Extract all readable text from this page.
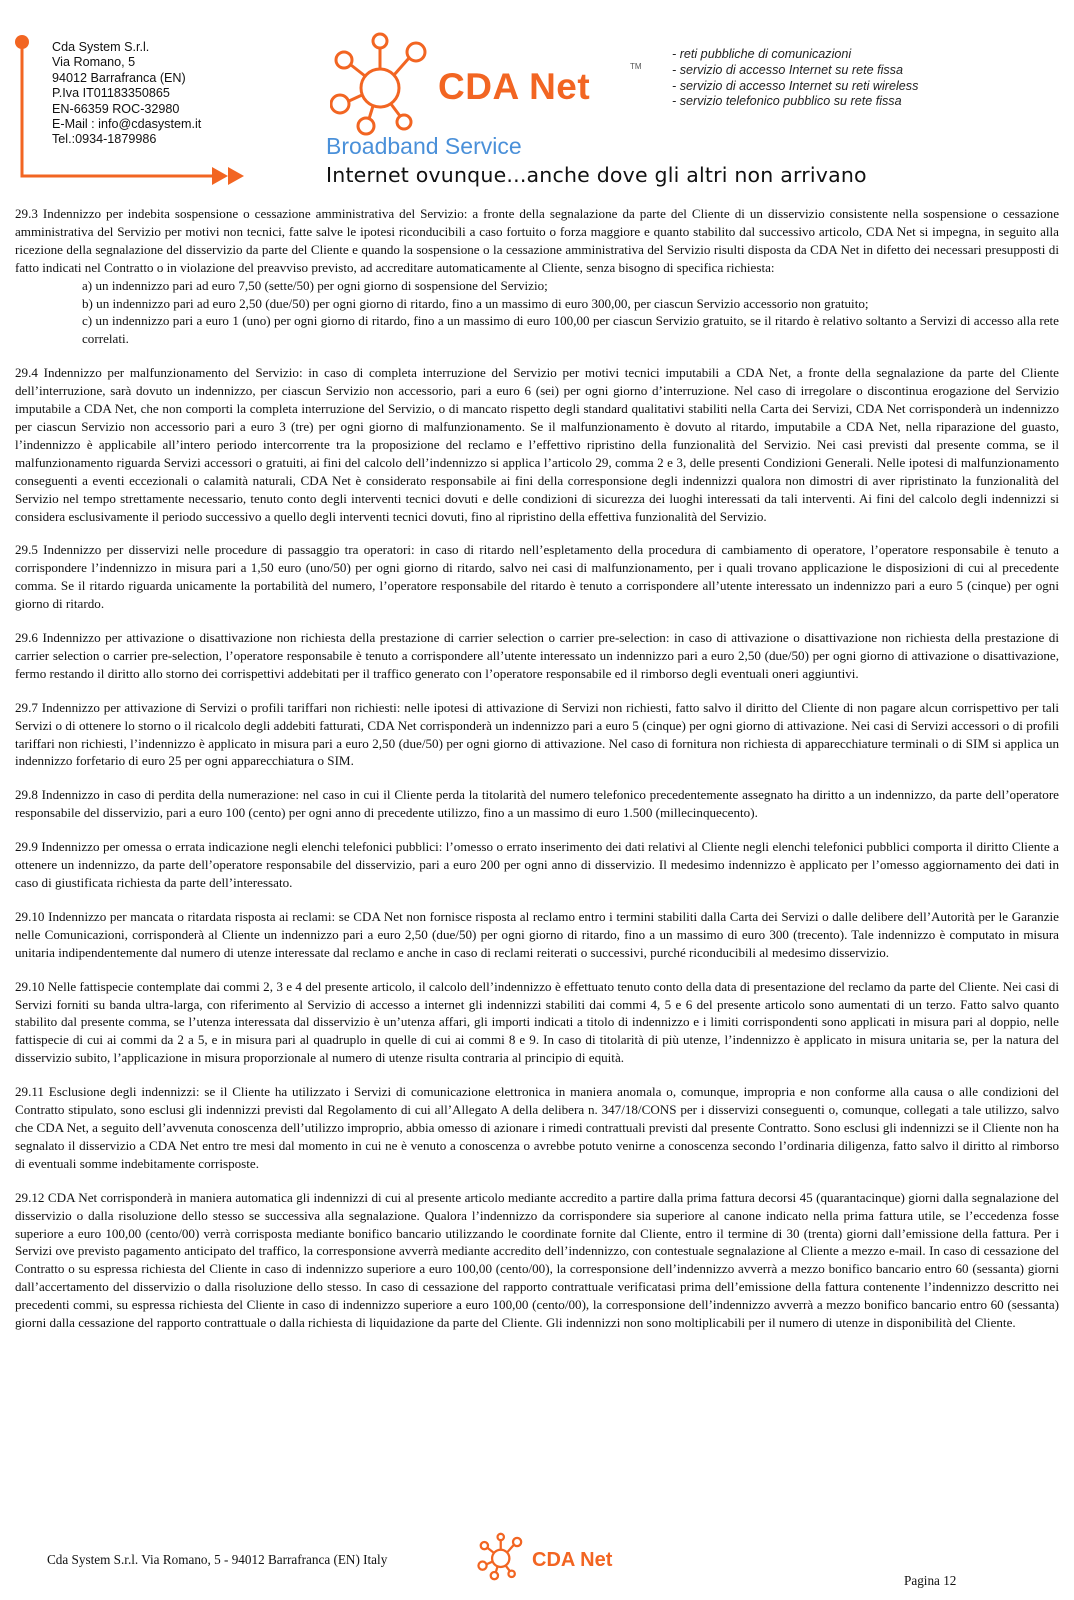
Cda System S.r.l.
Via Romano, 5
94012 Barrafranca (EN)
P.Iva IT01183350865
EN-66359 ROC-32980
E-Mail : info@cdasystem.it
Tel.:0934-1879986
CDA Net	TM
Broadband Service
Internet ovunque...anche dove gli altri non arrivano
- reti pubbliche di comunicazioni
- servizio di accesso Internet su rete fissa
- servizio di accesso Internet su reti wireless
- servizio telefonico pubblico su rete fissa

29.3 Indennizzo per indebita sospensione o cessazione amministrativa del Servizio: a fronte della segnalazione da parte del Cliente di un disservizio consistente nella sospensione o cessazione amministrativa del Servizio per motivi non tecnici, fatte salve le ipotesi riconducibili a caso fortuito o forza maggiore e quanto stabilito dal successivo articolo, CDA Net si impegna, in seguito alla ricezione della segnalazione del disservizio da parte del Cliente e quando la sospensione o la cessazione amministrativa del Servizio risulti disposta da CDA Net in difetto dei necessari presupposti di fatto indicati nel Contratto o in violazione del preavviso previsto, ad accreditare automaticamente al Cliente, senza bisogno di specifica richiesta:

a) un indennizzo pari ad euro 7,50 (sette/50) per ogni giorno di sospensione del Servizio;
b) un indennizzo pari ad euro 2,50 (due/50) per ogni giorno di ritardo, fino a un massimo di euro 300,00, per ciascun Servizio accessorio non gratuito;
c) un indennizzo pari a euro 1 (uno) per ogni giorno di ritardo, fino a un massimo di euro 100,00 per ciascun Servizio gratuito, se il ritardo è relativo soltanto a Servizi di accesso alla rete correlati.

29.4 Indennizzo per malfunzionamento del Servizio: in caso di completa interruzione del Servizio per motivi tecnici imputabili a CDA Net, a fronte della segnalazione da parte del Cliente dell’interruzione, sarà dovuto un indennizzo, per ciascun Servizio non accessorio, pari a euro 6 (sei) per ogni giorno d’interruzione. Nel caso di irregolare o discontinua erogazione del Servizio imputabile a CDA Net, che non comporti la completa interruzione del Servizio, o di mancato rispetto degli standard qualitativi stabiliti nella Carta dei Servizi, CDA Net corrisponderà un indennizzo per ciascun Servizio non accessorio pari a euro 3 (tre) per ogni giorno di malfunzionamento. Se il malfunzionamento è dovuto al ritardo, imputabile a CDA Net, nella riparazione del guasto, l’indennizzo è applicabile all’intero periodo intercorrente tra la proposizione del reclamo e l’effettivo ripristino della funzionalità del Servizio. Nei casi previsti dal presente comma, se il malfunzionamento riguarda Servizi accessori o gratuiti, ai fini del calcolo dell’indennizzo si applica l’articolo 29, comma 2 e 3, delle presenti Condizioni Generali. Nelle ipotesi di malfunzionamento conseguenti a eventi eccezionali o calamità naturali, CDA Net è considerato responsabile ai fini della corresponsione degli indennizzi qualora non dimostri di aver ripristinato la funzionalità del Servizio nel tempo strettamente necessario, tenuto conto degli interventi tecnici dovuti e delle condizioni di sicurezza dei luoghi interessati da tali interventi. Ai fini del calcolo degli indennizzi si considera esclusivamente il periodo successivo a quello degli interventi tecnici dovuti, fino al ripristino della effettiva funzionalità del Servizio.

29.5 Indennizzo per disservizi nelle procedure di passaggio tra operatori: in caso di ritardo nell’espletamento della procedura di cambiamento di operatore, l’operatore responsabile è tenuto a corrispondere l’indennizzo in misura pari a 1,50 euro (uno/50) per ogni giorno di ritardo, salvo nei casi di malfunzionamento, per i quali trovano applicazione le disposizioni di cui al precedente comma. Se il ritardo riguarda unicamente la portabilità del numero, l’operatore responsabile del ritardo è tenuto a corrispondere all’utente interessato un indennizzo pari a euro 5 (cinque) per ogni giorno di ritardo.

29.6 Indennizzo per attivazione o disattivazione non richiesta della prestazione di carrier selection o carrier pre-selection: in caso di attivazione o disattivazione non richiesta della prestazione di carrier selection o carrier pre-selection, l’operatore responsabile è tenuto a corrispondere all’utente interessato un indennizzo pari a euro 2,50 (due/50) per ogni giorno di attivazione o disattivazione, fermo restando il diritto allo storno dei corrispettivi addebitati per il traffico generato con l’operatore responsabile ed il rimborso degli eventuali oneri aggiuntivi.

29.7 Indennizzo per attivazione di Servizi o profili tariffari non richiesti: nelle ipotesi di attivazione di Servizi non richiesti, fatto salvo il diritto del Cliente di non pagare alcun corrispettivo per tali Servizi o di ottenere lo storno o il ricalcolo degli addebiti fatturati, CDA Net corrisponderà un indennizzo pari a euro 5 (cinque) per ogni giorno di attivazione. Nei casi di Servizi accessori o di profili tariffari non richiesti, l’indennizzo è applicato in misura pari a euro 2,50 (due/50) per ogni giorno di attivazione. Nel caso di fornitura non richiesta di apparecchiature terminali o di SIM si applica un indennizzo forfetario di euro 25 per ogni apparecchiatura o SIM.

29.8 Indennizzo in caso di perdita della numerazione: nel caso in cui il Cliente perda la titolarità del numero telefonico precedentemente assegnato ha diritto a un indennizzo, da parte dell’operatore responsabile del disservizio, pari a euro 100 (cento) per ogni anno di precedente utilizzo, fino a un massimo di euro 1.500 (millecinquecento).

29.9 Indennizzo per omessa o errata indicazione negli elenchi telefonici pubblici: l’omesso o errato inserimento dei dati relativi al Cliente negli elenchi telefonici pubblici comporta il diritto Cliente a ottenere un indennizzo, da parte dell’operatore responsabile del disservizio, pari a euro 200 per ogni anno di disservizio. Il medesimo indennizzo è applicato per l’omesso aggiornamento dei dati in caso di giustificata richiesta da parte dell’interessato.

29.10 Indennizzo per mancata o ritardata risposta ai reclami: se CDA Net non fornisce risposta al reclamo entro i termini stabiliti dalla Carta dei Servizi o dalle delibere dell’Autorità per le Garanzie nelle Comunicazioni, corrisponderà al Cliente un indennizzo pari a euro 2,50 (due/50) per ogni giorno di ritardo, fino a un massimo di euro 300 (trecento). Tale indennizzo è computato in misura unitaria indipendentemente dal numero di utenze interessate dal reclamo e anche in caso di reclami reiterati o successivi, purché riconducibili al medesimo disservizio.

29.10 Nelle fattispecie contemplate dai commi 2, 3 e 4 del presente articolo, il calcolo dell’indennizzo è effettuato tenuto conto della data di presentazione del reclamo da parte del Cliente. Nei casi di Servizi forniti su banda ultra-larga, con riferimento al Servizio di accesso a internet gli indennizzi stabiliti dai commi 4, 5 e 6 del presente articolo sono aumentati di un terzo. Fatto salvo quanto stabilito dal presente comma, se l’utenza interessata dal disservizio è un’utenza affari, gli importi indicati a titolo di indennizzo e i limiti corrispondenti sono applicati in misura pari al doppio, nelle fattispecie di cui ai commi da 2 a 5, e in misura pari al quadruplo in quelle di cui ai commi 8 e 9. In caso di titolarità di più utenze, l’indennizzo è applicato in misura unitaria se, per la natura del disservizio subito, l’applicazione in misura proporzionale al numero di utenze risulta contraria al principio di equità.

29.11 Esclusione degli indennizzi: se il Cliente ha utilizzato i Servizi di comunicazione elettronica in maniera anomala o, comunque, impropria e non conforme alla causa o alle condizioni del Contratto stipulato, sono esclusi gli indennizzi previsti dal Regolamento di cui all’Allegato A della delibera n. 347/18/CONS per i disservizi conseguenti o, comunque, collegati a tale utilizzo, salvo che CDA Net, a seguito dell’avvenuta conoscenza dell’utilizzo improprio, abbia omesso di azionare i rimedi contrattuali previsti dal presente Contratto. Sono esclusi gli indennizzi se il Cliente non ha segnalato il disservizio a CDA Net entro tre mesi dal momento in cui ne è venuto a conoscenza o avrebbe potuto venirne a conoscenza secondo l’ordinaria diligenza, fatto salvo il diritto al rimborso di eventuali somme indebitamente corrisposte.

29.12 CDA Net corrisponderà in maniera automatica gli indennizzi di cui al presente articolo mediante accredito a partire dalla prima fattura decorsi 45 (quarantacinque) giorni dalla segnalazione del disservizio o dalla risoluzione dello stesso se successiva alla segnalazione. Qualora l’indennizzo da corrispondere sia superiore al canone indicato nella prima fattura utile, se l’eccedenza fosse superiore a euro 100,00 (cento/00) verrà corrisposta mediante bonifico bancario utilizzando le coordinate fornite dal Cliente, entro il termine di 30 (trenta) giorni dall’emissione della fattura. Per i Servizi ove previsto pagamento anticipato del traffico, la corresponsione avverrà mediante accredito dell’indennizzo, con contestuale segnalazione al Cliente a mezzo e-mail. In caso di cessazione del Contratto o su espressa richiesta del Cliente in caso di indennizzo superiore a euro 100,00 (cento/00), la corresponsione dell’indennizzo avverrà a mezzo bonifico bancario entro 60 (sessanta) giorni dall’accertamento del disservizio o dalla risoluzione dello stesso. In caso di cessazione del rapporto contrattuale verificatasi prima dell’emissione della fattura contenente l’indennizzo descritto nei precedenti commi, su espressa richiesta del Cliente in caso di indennizzo superiore a euro 100,00 (cento/00), la corresponsione dell’indennizzo avverrà a mezzo bonifico bancario entro 60 (sessanta) giorni dalla cessazione del rapporto contrattuale o dalla richiesta di liquidazione da parte del Cliente. Gli indennizzi non sono moltiplicabili per il numero di utenze in disponibilità del Cliente.

Cda System S.r.l. Via Romano, 5 - 94012 Barrafranca (EN) Italy	CDA Net
Pagina 12
